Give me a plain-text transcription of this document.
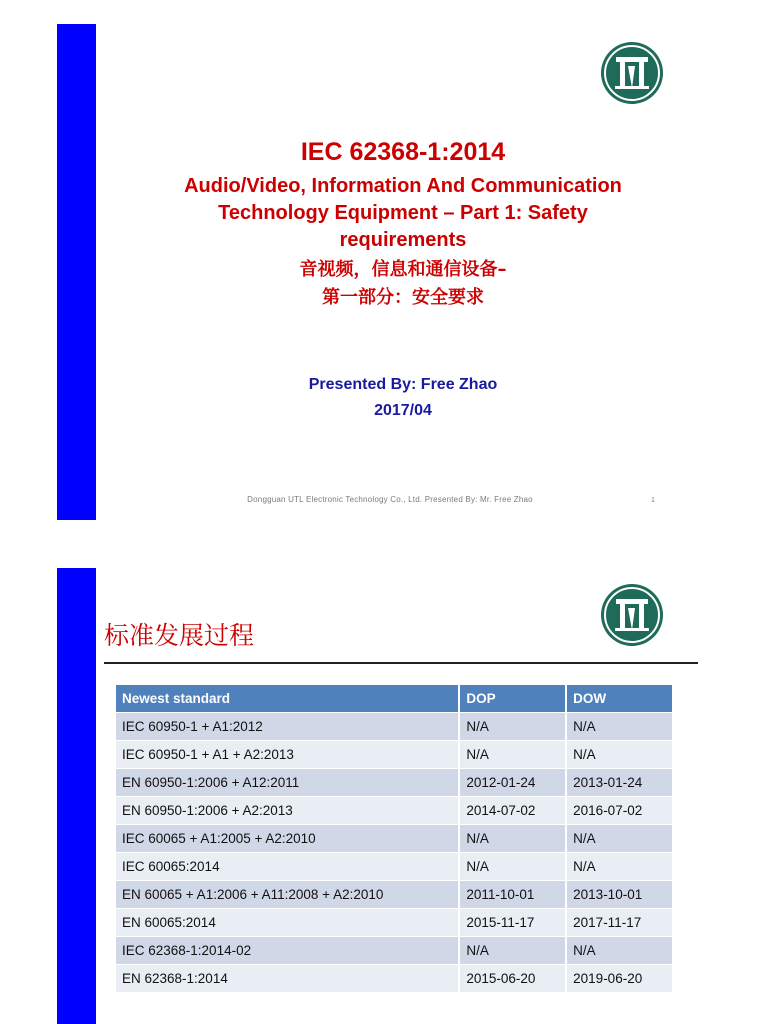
IEC 62368-1:2014
Audio/Video, Information And Communication
Technology Equipment – Part 1: Safety
requirements
音视频，信息和通信设备–
第一部分：安全要求
Presented By: Free Zhao
2017/04
Dongguan UTL Electronic Technology Co., Ltd. Presented By: Mr. Free Zhao	1
标准发展过程
Newest standard	DOP	DOW
IEC 60950-1 + A1:2012	N/A	N/A
IEC 60950-1 + A1 + A2:2013	N/A	N/A
EN 60950-1:2006 + A12:2011	2012-01-24	2013-01-24
EN 60950-1:2006 + A2:2013	2014-07-02	2016-07-02
IEC 60065 + A1:2005 + A2:2010	N/A	N/A
IEC 60065:2014	N/A	N/A
EN 60065 + A1:2006 + A11:2008 + A2:2010	2011-10-01	2013-10-01
EN 60065:2014	2015-11-17	2017-11-17
IEC 62368-1:2014-02	N/A	N/A
EN 62368-1:2014	2015-06-20	2019-06-20
